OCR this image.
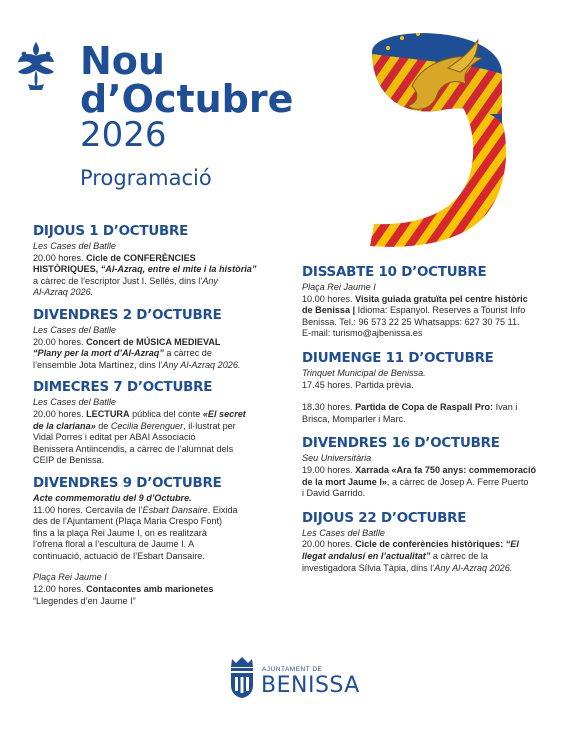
Nou
d’Octubre
2026
Programació
DIJOUS 1 D’OCTUBRE
Les Cases del Batlle
20.00 hores. Cicle de CONFERÈNCIES
HISTÒRIQUES, “Al-Azraq, entre el mite i la història”
a càrrec de l’escriptor Just I. Sellés, dins l’Any
Al-Azraq 2026.
DIVENDRES 2 D’OCTUBRE
Les Cases del Batlle
20.00 hores. Concert de MÚSICA MEDIEVAL
“Plany per la mort d’Al-Azraq” a càrrec de
l’ensemble Jota Martínez, dins l’Any Al-Azraq 2026.
DIMECRES 7 D’OCTUBRE
Les Cases del Batlle
20.00 hores. LECTURA pública del conte «El secret
de la clariana» de Cecilia Berenguer, il·lustrat per
Vidal Porres i editat per ABAI Associació
Benissera Antiincendis, a càrrec de l’alumnat dels
CEIP de Benissa.
DIVENDRES 9 D’OCTUBRE
Acte commemoratiu del 9 d’Octubre.
11.00 hores. Cercavila de l’Esbart Dansaire. Eixida
des de l’Ajuntament (Plaça Maria Crespo Font)
fins a la plaça Rei Jaume I, on es realitzarà
l’ofrena floral a l’escultura de Jaume I. A
continuació, actuació de l’Esbart Dansaire.
Plaça Rei Jaume I
12.00 hores. Contacontes amb marionetes
“Llegendes d’en Jaume I”
DISSABTE 10 D’OCTUBRE
Plaça Rei Jaume I
10.00 hores. Visita guiada gratuïta pel centre històric
de Benissa | Idioma: Espanyol. Reserves a Tourist Info
Benissa. Tel.: 96 573 22 25 Whatsapps: 627 30 75 11.
E-mail: turismo@ajbenissa.es
DIUMENGE 11 D’OCTUBRE
Trinquet Municipal de Benissa.
17.45 hores. Partida prèvia.
18.30 hores. Partida de Copa de Raspall Pro: Ivan i
Brisca, Momparler i Marc.
DIVENDRES 16 D’OCTUBRE
Seu Universitària
19.00 hores. Xarrada «Ara fa 750 anys: commemoració
de la mort Jaume I», a càrrec de Josep A. Ferre Puerto
i David Garrido.
DIJOUS 22 D’OCTUBRE
Les Cases del Batlle
20.00 hores. Cicle de conferències històriques: “El
llegat andalusí en l’actualitat” a càrrec de la
investigadora Sílvia Tàpia, dins l’Any Al-Azraq 2026.
AJUNTAMENT DE
BENISSA
